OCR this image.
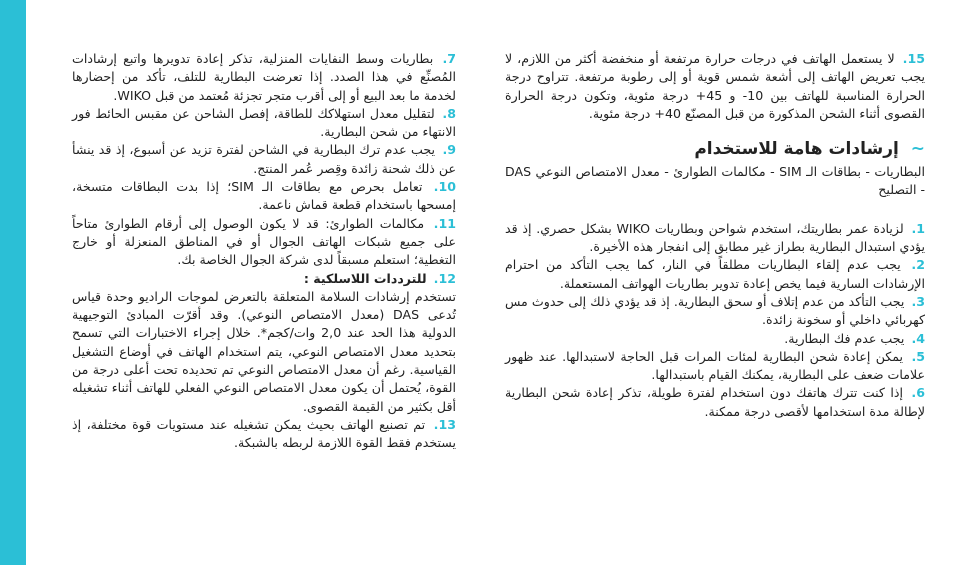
15. لا يستعمل الهاتف في درجات حرارة مرتفعة أو منخفضة أكثر من اللازم، لا يجب تعريض الهاتف إلى أشعة شمس قوية أو إلى رطوبة مرتفعة. تتراوح درجة الحرارة المناسبة للهاتف بين 10- و 45+ درجة مئوية، وتكون درجة الحرارة القصوى أثناء الشحن المذكورة من قبل المصنّع 40+ درجة مئوية.

~ إرشادات هامة للاستخدام

البطاريات - بطاقات الـ SIM - مكالمات الطوارئ - معدل الامتصاص النوعي DAS - التصليح

1. لزيادة عمر بطاريتك، استخدم شواحن وبطاريات WIKO بشكل حصري. إذ قد يؤدي استبدال البطارية بطراز غير مطابق إلى انفجار هذه الأخيرة.

2. يجب عدم إلقاء البطاريات مطلقاً في النار، كما يجب التأكد من احترام الإرشادات السارية فيما يخص إعادة تدوير بطاريات الهواتف المستعملة.

3. يجب التأكد من عدم إتلاف أو سحق البطارية. إذ قد يؤدي ذلك إلى حدوث مس كهربائي داخلي أو سخونة زائدة.

4. يجب عدم فك البطارية.

5. يمكن إعادة شحن البطارية لمئات المرات قبل الحاجة لاستبدالها. عند ظهور علامات ضعف على البطارية، يمكنك القيام باستبدالها.

6. إذا كنت تترك هاتفك دون استخدام لفترة طويلة، تذكر إعادة شحن البطارية لإطالة مدة استخدامها لأقصى درجة ممكنة.

7. بطاريات وسط النفايات المنزلية، تذكر إعادة تدويرها واتبع إرشادات المُصنِّع في هذا الصدد. إذا تعرضت البطارية للتلف، تأكد من إحضارها لخدمة ما بعد البيع أو إلى أقرب متجر تجزئة مُعتمد من قبل WIKO.

8. لتقليل معدل استهلاكك للطاقة، إفصل الشاحن عن مقبس الحائط فور الانتهاء من شحن البطارية.

9. يجب عدم ترك البطارية في الشاحن لفترة تزيد عن أسبوع، إذ قد ينشأ عن ذلك شحنة زائدة وقِصر عُمر المنتج.

10. تعامل بحرص مع بطاقات الـ SIM؛ إذا بدت البطاقات متسخة، إمسحها باستخدام قطعة قماش ناعمة.

11. مكالمات الطوارئ: قد لا يكون الوصول إلى أرقام الطوارئ متاحاً على جميع شبكات الهاتف الجوال أو في المناطق المنعزلة أو خارج التغطية؛ استعلم مسبقاً لدى شركة الجوال الخاصة بك.

12. للترددات اللاسلكية :

تستخدم إرشادات السلامة المتعلقة بالتعرض لموجات الراديو وحدة قياس تُدعى DAS (معدل الامتصاص النوعي). وقد أقرّت المبادئ التوجيهية الدولية هذا الحد عند 2,0 وات/كجم*. خلال إجراء الاختبارات التي تسمح بتحديد معدل الامتصاص النوعي، يتم استخدام الهاتف في أوضاع التشغيل القياسية. رغم أن معدل الامتصاص النوعي تم تحديده تحت أعلى درجة من القوة، يُحتمل أن يكون معدل الامتصاص النوعي الفعلي للهاتف أثناء تشغيله أقل بكثير من القيمة القصوى.

13. تم تصنيع الهاتف بحيث يمكن تشغيله عند مستويات قوة مختلفة، إذ يستخدم فقط القوة اللازمة لربطه بالشبكة.
